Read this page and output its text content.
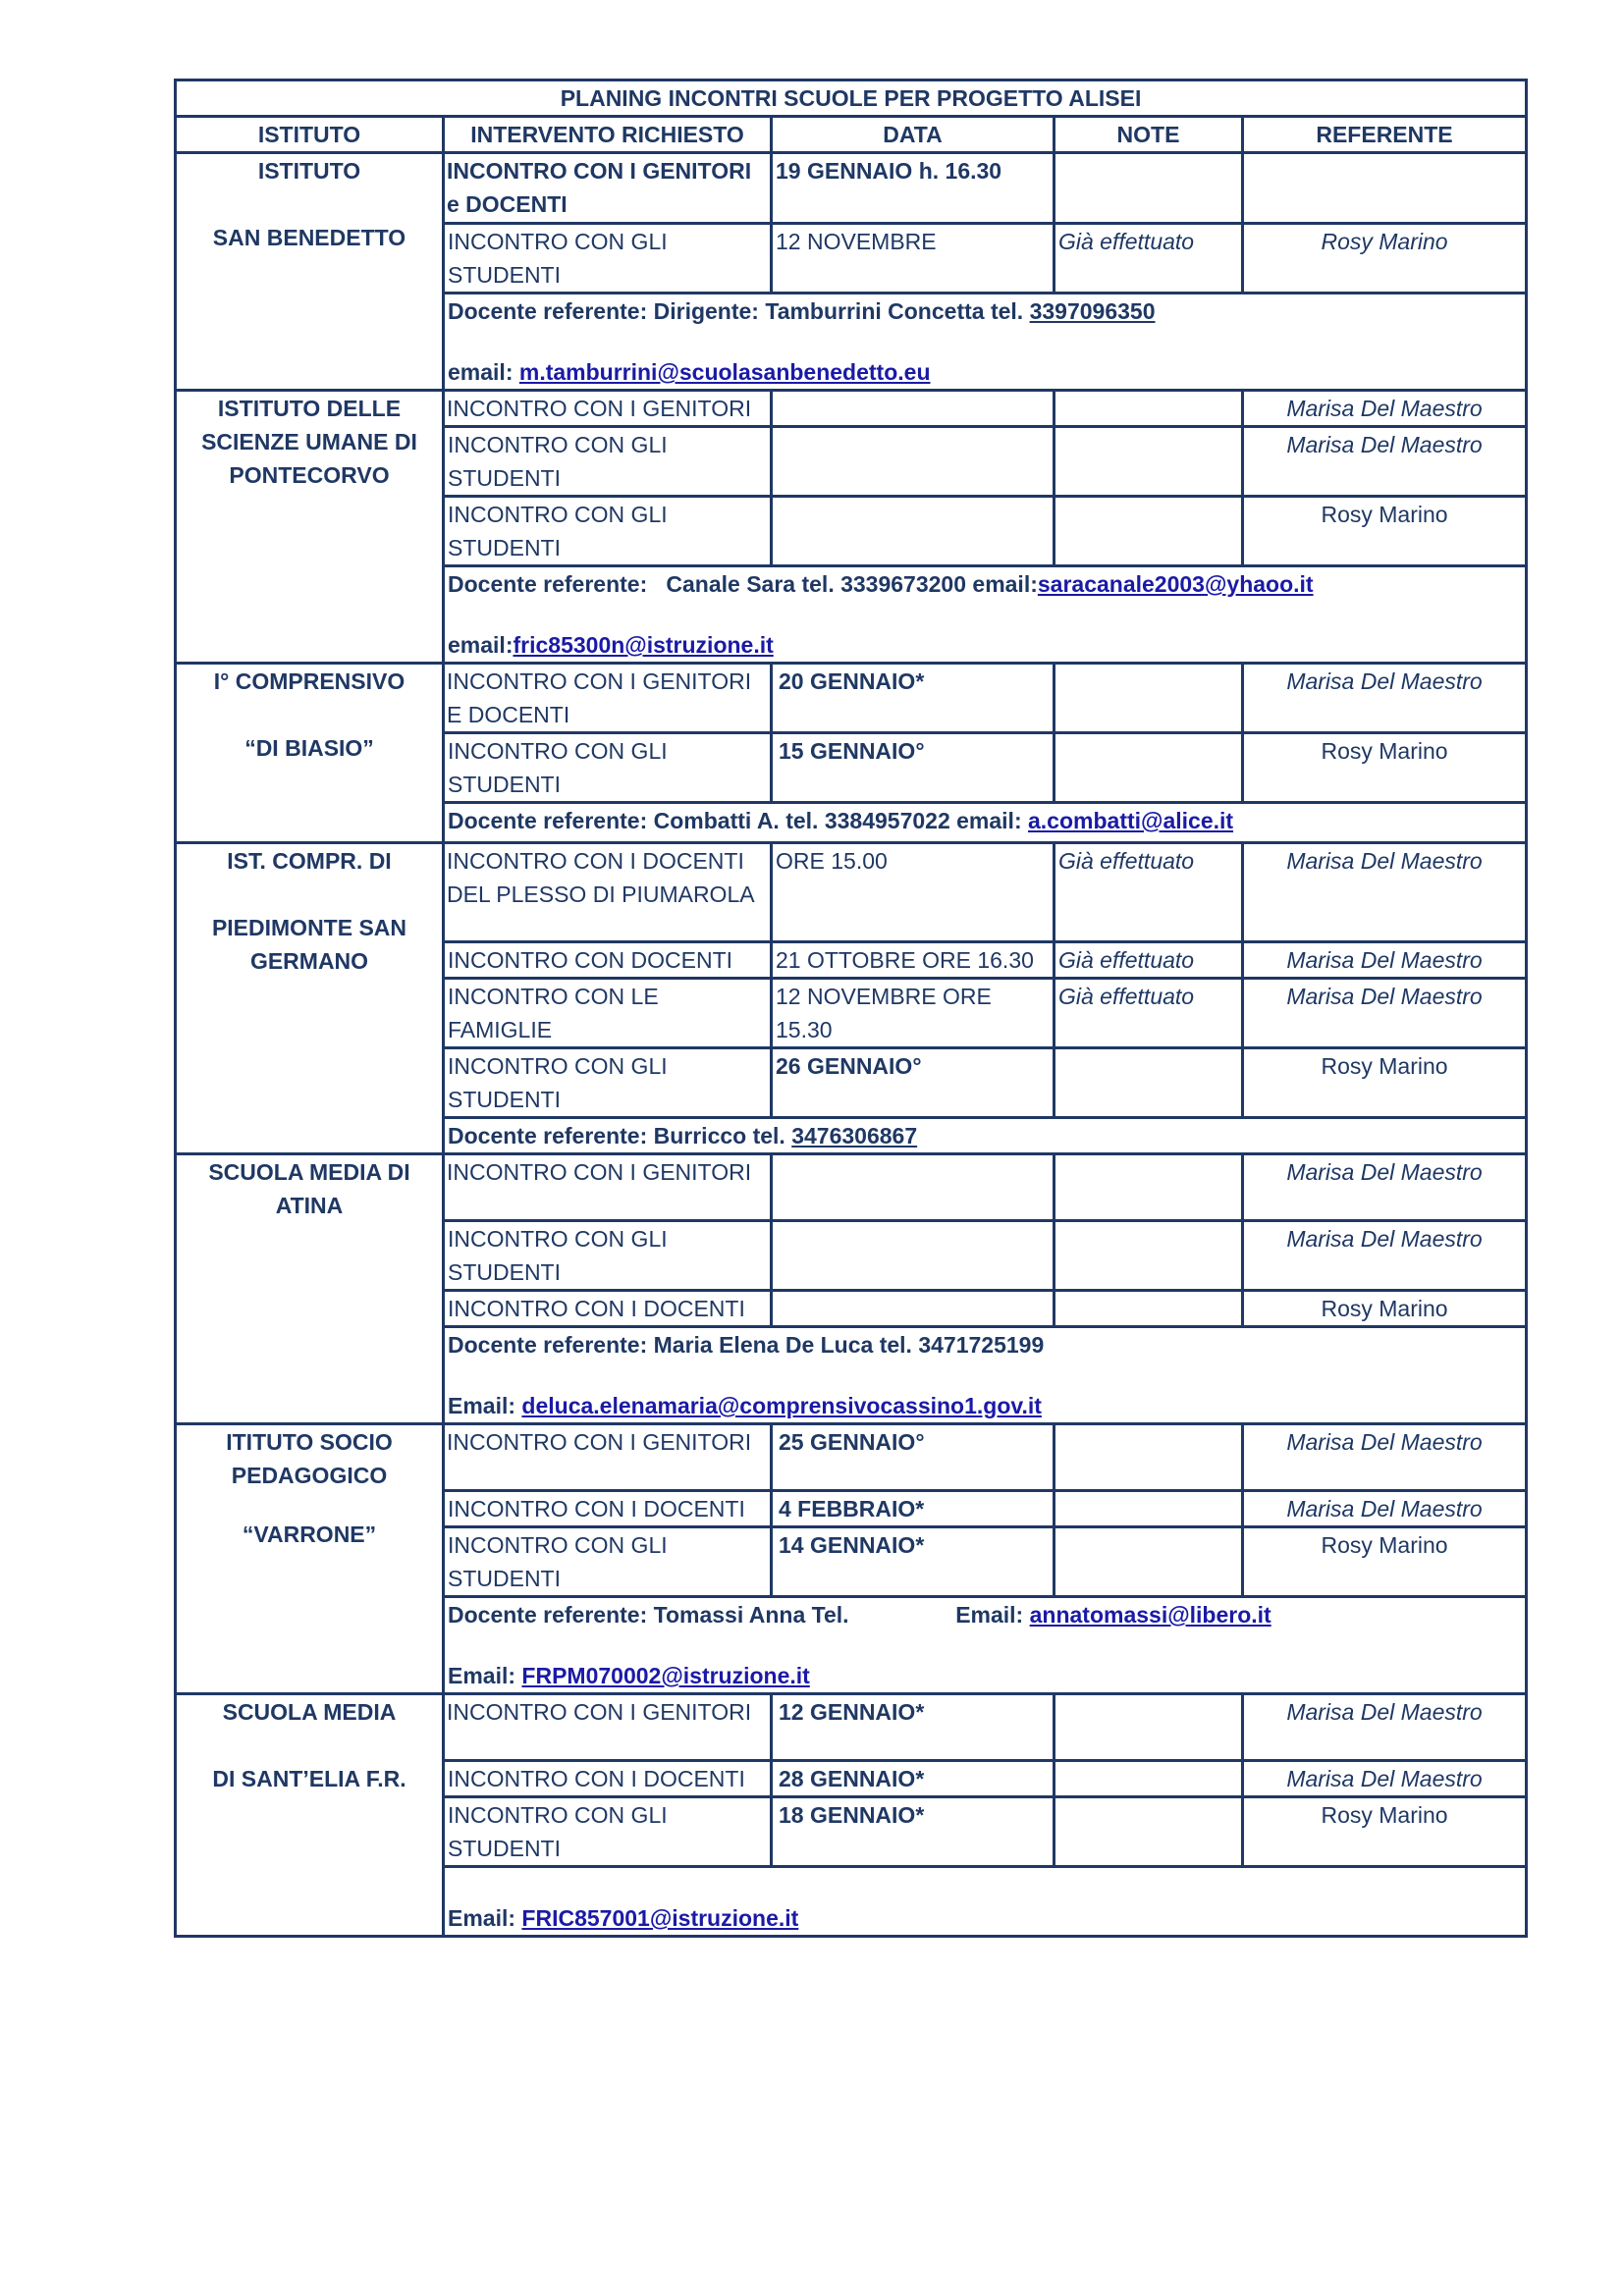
PLANING INCONTRI SCUOLE PER PROGETTO ALISEI				
ISTITUTO	INTERVENTO RICHIESTO	DATA	NOTE	REFERENTE

ISTITUTO
SAN BENEDETTO	INCONTRO CON I GENITORI e DOCENTI	19 GENNAIO h. 16.30		
	INCONTRO CON GLI STUDENTI	12 NOVEMBRE	Già effettuato	Rosy Marino

	Docente referente: Dirigente: Tamburrini Concetta tel. 3397096350
email: m.tamburrini@scuolasanbenedetto.eu			

ISTITUTO DELLE SCIENZE UMANE DI PONTECORVO	INCONTRO CON I GENITORI			Marisa Del Maestro
	INCONTRO CON GLI STUDENTI			Marisa Del Maestro
	INCONTRO CON GLI STUDENTI			Rosy Marino

	Docente referente:   Canale Sara tel. 3339673200 email:saracanale2003@yhaoo.it
email:fric85300n@istruzione.it			

I° COMPRENSIVO
“DI BIASIO”	INCONTRO CON I GENITORI E DOCENTI	20 GENNAIO*		Marisa Del Maestro
	INCONTRO CON GLI STUDENTI	15 GENNAIO°		Rosy Marino

	Docente referente: Combatti A. tel. 3384957022 email: a.combatti@alice.it			

IST. COMPR. DI
PIEDIMONTE SAN GERMANO	INCONTRO CON I DOCENTI DEL PLESSO DI PIUMAROLA	ORE 15.00	Già effettuato	Marisa Del Maestro
	INCONTRO CON DOCENTI	21 OTTOBRE ORE 16.30	Già effettuato	Marisa Del Maestro
	INCONTRO CON LE FAMIGLIE	12 NOVEMBRE ORE 15.30	Già effettuato	Marisa Del Maestro
	INCONTRO CON GLI STUDENTI	26 GENNAIO°		Rosy Marino

	Docente referente: Burricco tel. 3476306867			

SCUOLA MEDIA DI ATINA	INCONTRO CON I GENITORI			Marisa Del Maestro
	INCONTRO CON GLI STUDENTI			Marisa Del Maestro
	INCONTRO CON I DOCENTI			Rosy Marino

	Docente referente: Maria Elena De Luca tel. 3471725199
Email: deluca.elenamaria@comprensivocassino1.gov.it			

ITITUTO SOCIO PEDAGOGICO
“VARRONE”	INCONTRO CON I GENITORI	25 GENNAIO°		Marisa Del Maestro
	INCONTRO CON I DOCENTI	4 FEBBRAIO*		Marisa Del Maestro
	INCONTRO CON GLI STUDENTI	14 GENNAIO*		Rosy Marino

	Docente referente: Tomassi Anna Tel.                 Email: annatomassi@libero.it
Email: FRPM070002@istruzione.it			

SCUOLA MEDIA
DI SANT’ELIA F.R.	INCONTRO CON I GENITORI	12 GENNAIO*		Marisa Del Maestro
	INCONTRO CON I DOCENTI	28 GENNAIO*		Marisa Del Maestro
	INCONTRO CON GLI STUDENTI	18 GENNAIO*		Rosy Marino

	Email: FRIC857001@istruzione.it			
